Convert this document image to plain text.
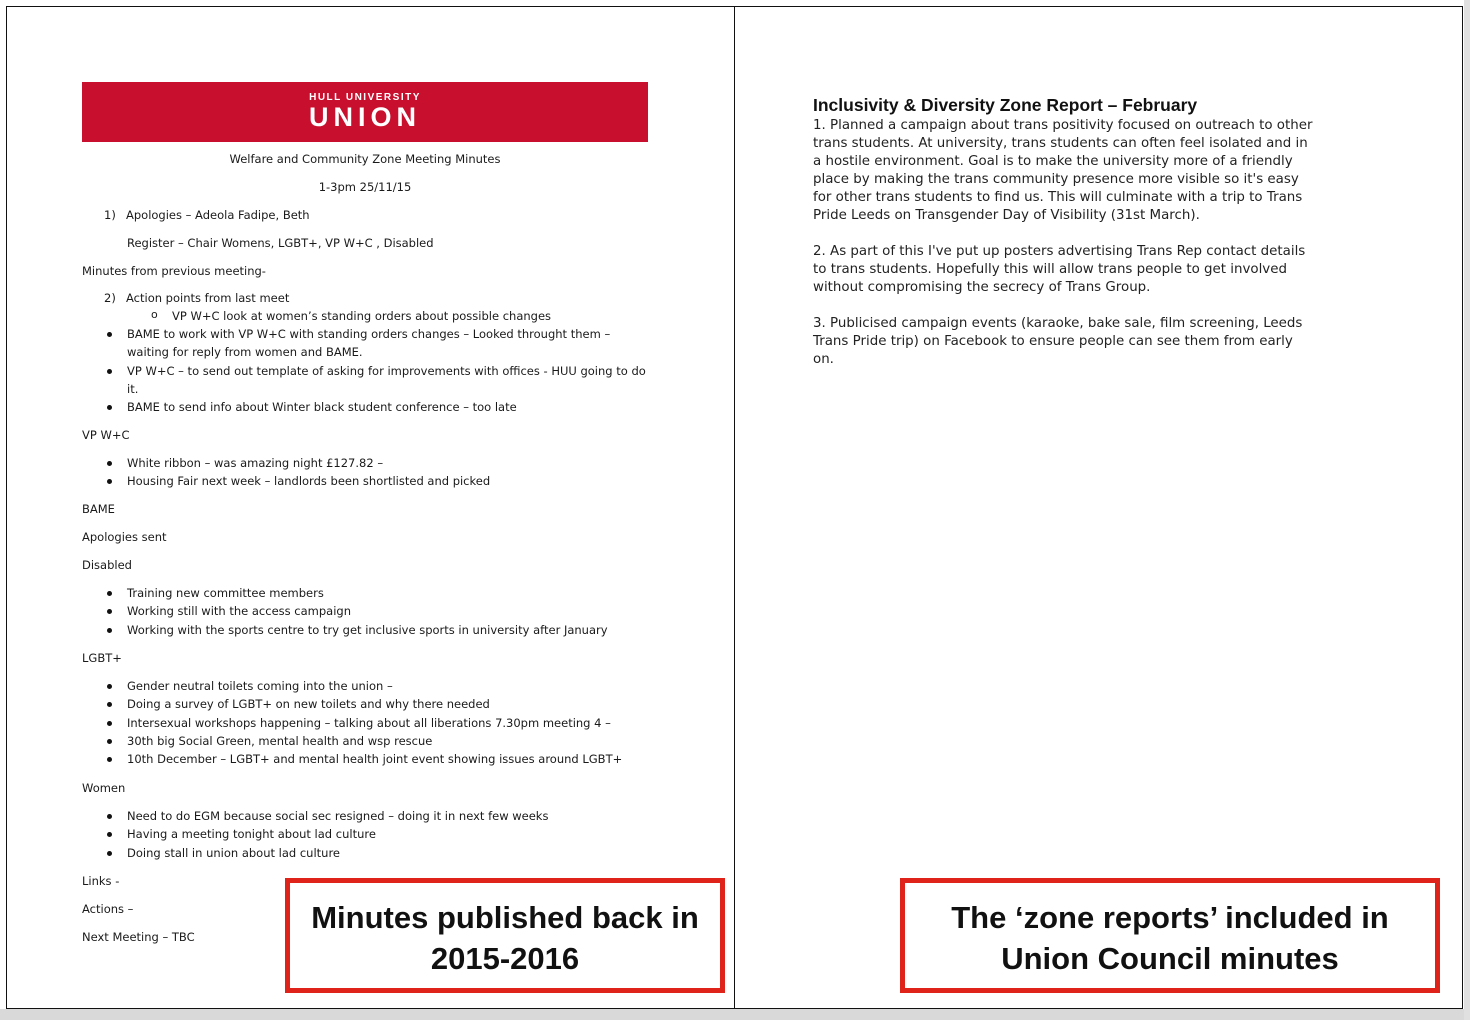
HULL UNIVERSITY
UNION
Welfare and Community Zone Meeting Minutes
1-3pm 25/11/15
1) Apologies – Adeola Fadipe, Beth
Register – Chair Womens, LGBT+, VP W+C , Disabled
Minutes from previous meeting-
2) Action points from last meet
o VP W+C look at women’s standing orders about possible changes
BAME to work with VP W+C with standing orders changes – Looked throught them – waiting for reply from women and BAME.
VP W+C – to send out template of asking for improvements with offices - HUU going to do it.
BAME to send info about Winter black student conference – too late
VP W+C
White ribbon – was amazing night £127.82 –
Housing Fair next week – landlords been shortlisted and picked
BAME
Apologies sent
Disabled
Training new committee members
Working still with the access campaign
Working with the sports centre to try get inclusive sports in university after January
LGBT+
Gender neutral toilets coming into the union –
Doing a survey of LGBT+ on new toilets and why there needed
Intersexual workshops happening – talking about all liberations 7.30pm meeting 4 –
30th big Social Green, mental health and wsp rescue
10th December – LGBT+ and mental health joint event showing issues around LGBT+
Women
Need to do EGM because social sec resigned – doing it in next few weeks
Having a meeting tonight about lad culture
Doing stall in union about lad culture
Links -
Actions –
Next Meeting – TBC
Inclusivity & Diversity Zone Report – February

1. Planned a campaign about trans positivity focused on outreach to other
trans students. At university, trans students can often feel isolated and in
a hostile environment. Goal is to make the university more of a friendly
place by making the trans community presence more visible so it's easy
for other trans students to find us. This will culminate with a trip to Trans
Pride Leeds on Transgender Day of Visibility (31st March).

2. As part of this I've put up posters advertising Trans Rep contact details
to trans students. Hopefully this will allow trans people to get involved
without compromising the secrecy of Trans Group.

3. Publicised campaign events (karaoke, bake sale, film screening, Leeds
Trans Pride trip) on Facebook to ensure people can see them from early
on.

Minutes published back in
2015-2016
The ‘zone reports’ included in
Union Council minutes
